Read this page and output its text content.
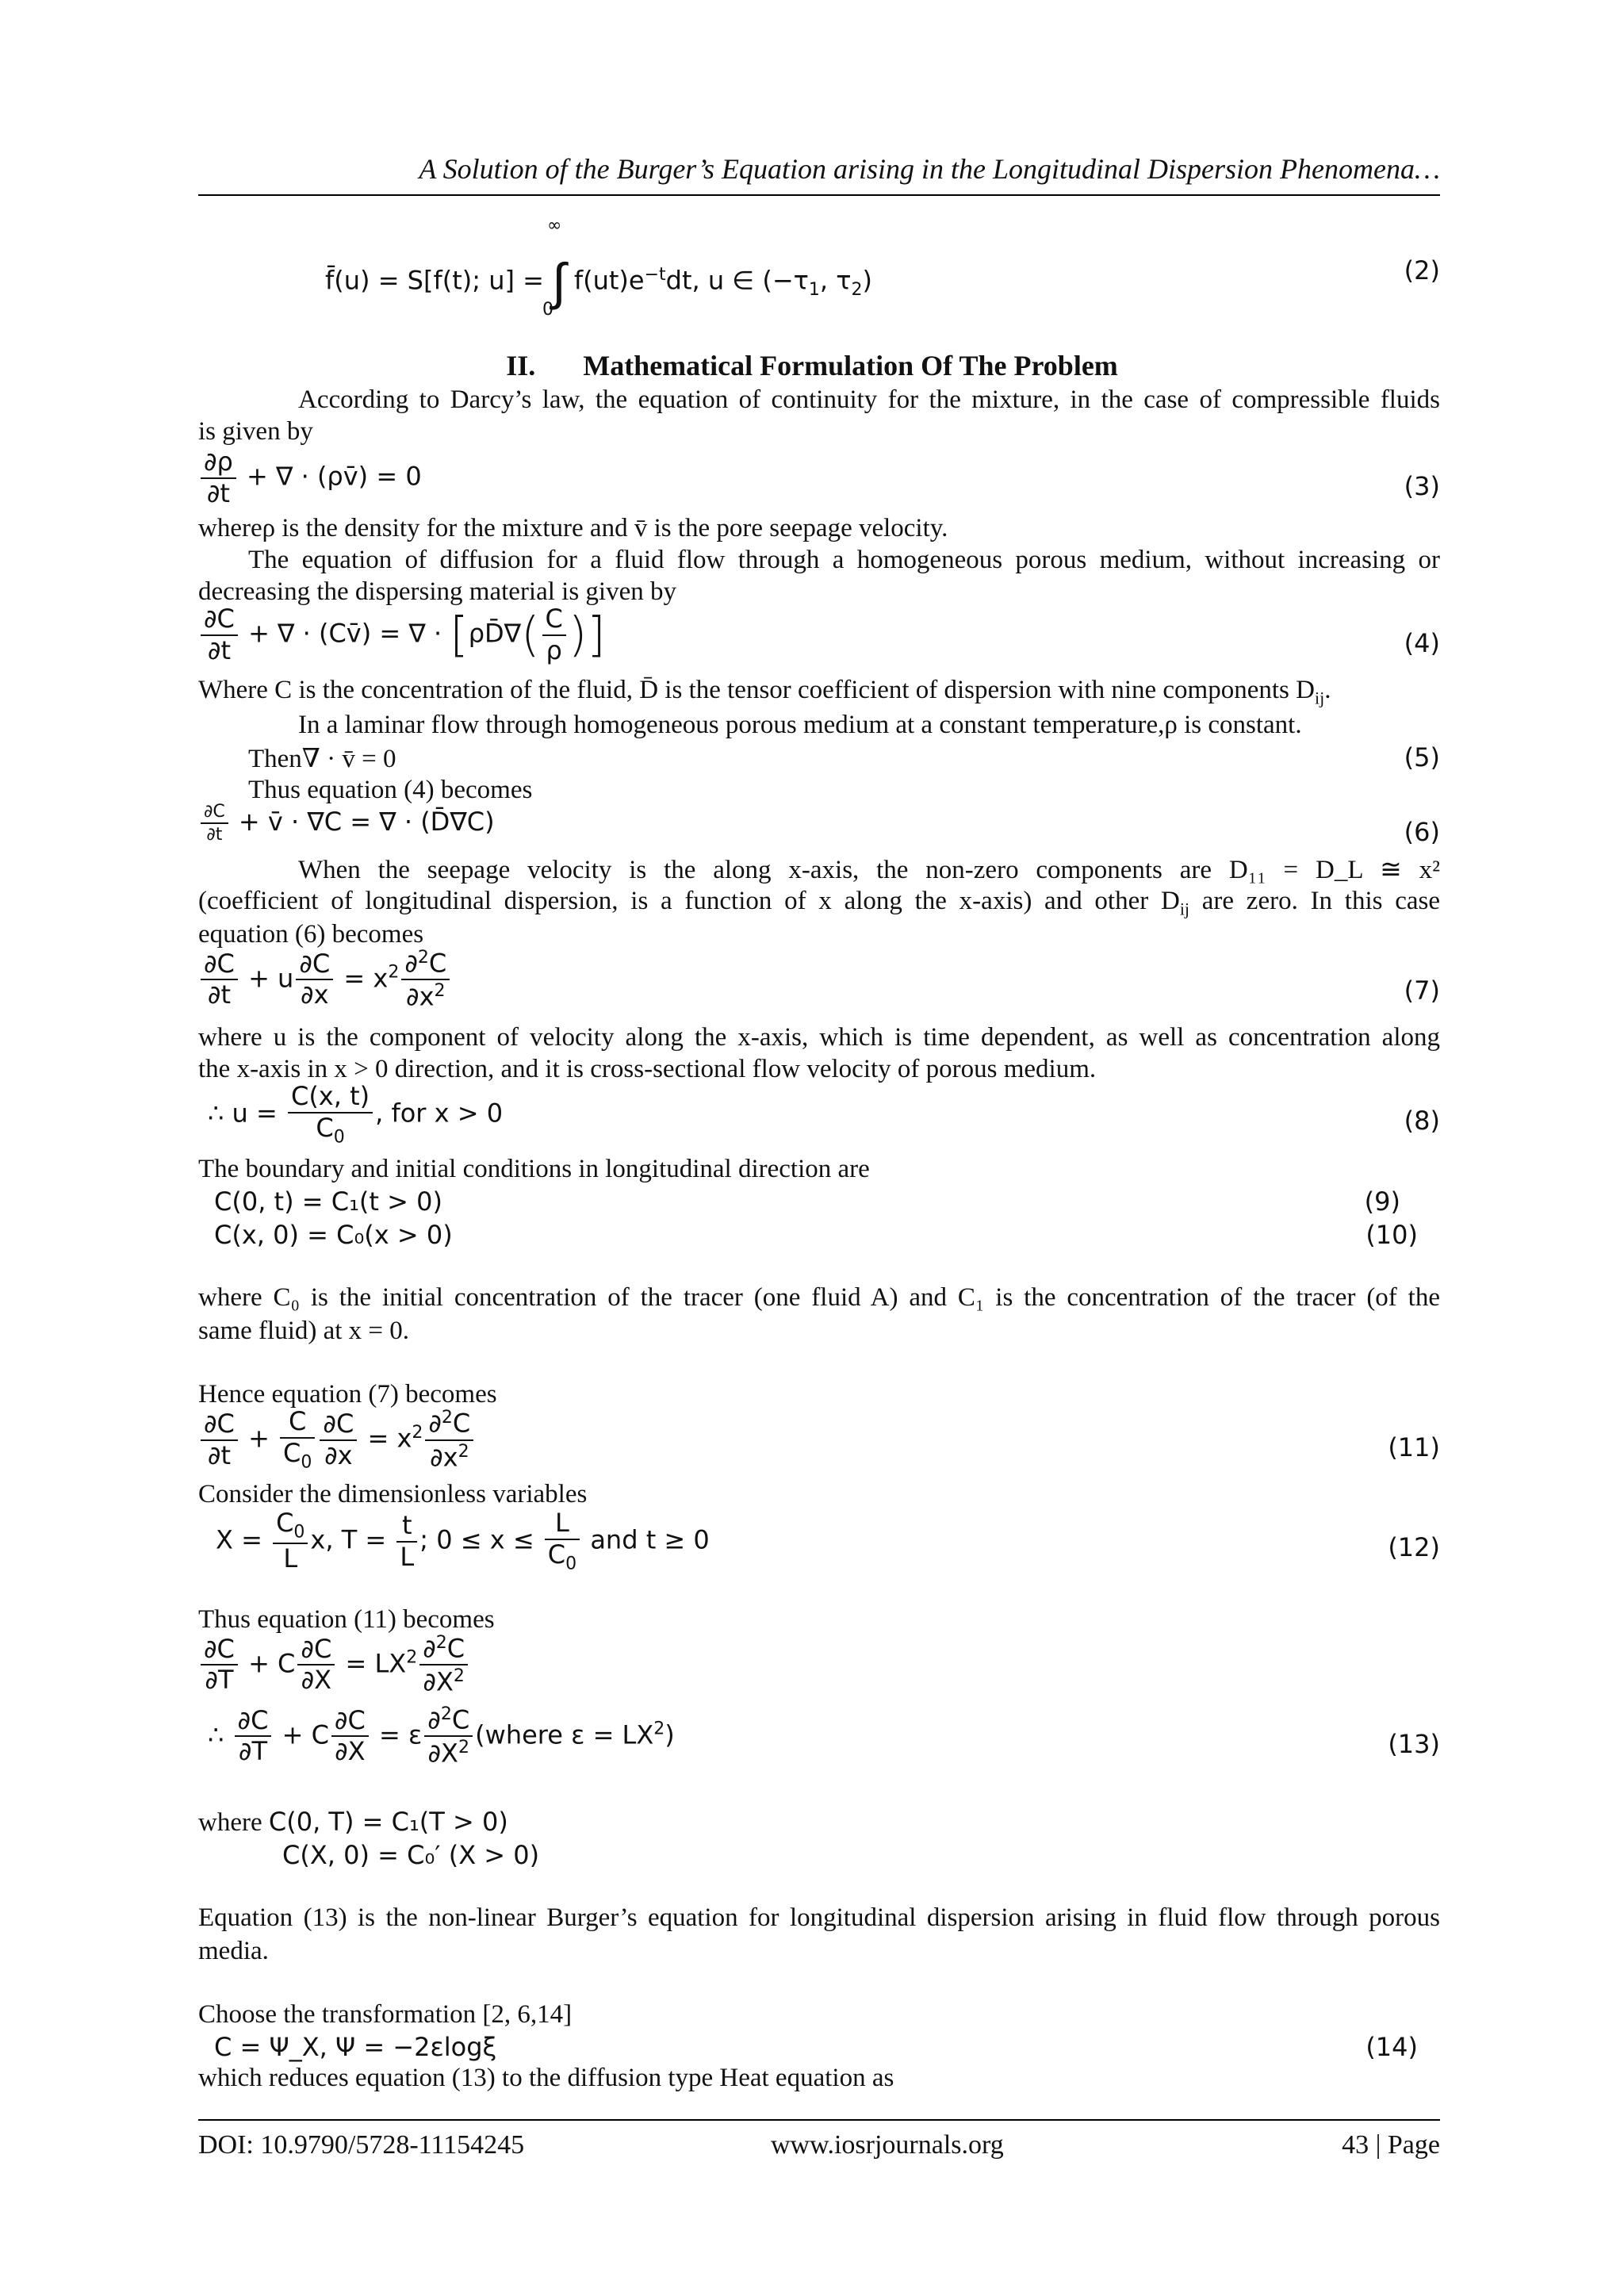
A Solution of the Burger’s Equation arising in the Longitudinal Dispersion Phenomena…
f̄(u) = S[f(t); u] = ∫ $f(ut)e^{-t}dt$, u ∈ ($-\tau_1$, $\tau_2$)
∞
0
(2)
II. Mathematical Formulation Of The Problem
According to Darcy’s law, the equation of continuity for the mixture, in the case of compressible fluids
is given by
$\frac{\partial\rho}{\partial t}$ + ∇ · (ρv̄) = 0	(3)
whereρ is the density for the mixture and v̄ is the pore seepage velocity.
The equation of diffusion for a fluid flow through a homogeneous porous medium, without increasing or
decreasing the dispersing material is given by
$\frac{\partial C}{\partial t}$ + ∇ · (Cv̄) = ∇ · [ρD̄∇( $\frac{C}{\rho}$ )]	(4)
Where C is the concentration of the fluid, D̄ is the tensor coefficient of dispersion with nine components $D_{ij}$.
In a laminar flow through homogeneous porous medium at a constant temperature,ρ is constant.
Then∇ · v̄ = 0	(5)
Thus equation (4) becomes
$\frac{\partial C}{\partial t}$ + v̄ · ∇C = ∇ · (D̄∇C)	(6)
When the seepage velocity is the along x-axis, the non-zero components are D₁₁ = D_L ≅ x²
(coefficient of longitudinal dispersion, is a function of x along the x-axis) and other $D_{ij}$ are zero. In this case
equation (6) becomes
$\frac{\partial C}{\partial t} + u \frac{\partial C}{\partial x} = x^2 \frac{\partial^2C}{\partial x^2}$	(7)
where u is the component of velocity along the x-axis, which is time dependent, as well as concentration along
the x-axis in x > 0 direction, and it is cross-sectional flow velocity of porous medium.
∴ $u = \frac{C(x, t)}{C_0}$ , for x > 0	(8)
The boundary and initial conditions in longitudinal direction are
C(0, t) = C₁(t > 0)	(9)
C(x, 0) = C₀(x > 0)	(10)
where C₀ is the initial concentration of the tracer (one fluid A) and C₁ is the concentration of the tracer (of the
same fluid) at x = 0.
Hence equation (7) becomes
$\frac{\partial C}{\partial t} + \frac{C}{C_0} \frac{\partial C}{\partial x} = x^2 \frac{\partial^2C}{\partial x^2}$	(11)
Consider the dimensionless variables
$X = \frac{C_0}{L} x$, $T = \frac{t}{L}$ ; $0 \le x \le \frac{L}{C_0}$ and t ≥ 0	(12)
Thus equation (11) becomes
$\frac{\partial C}{\partial T} + C \frac{\partial C}{\partial X} = LX^2 \frac{\partial^2C}{\partial X^2}$
∴ $\frac{\partial C}{\partial T} + C \frac{\partial C}{\partial X} = \varepsilon \frac{\partial^2C}{\partial X^2}$ (where $\varepsilon = LX^2$)	(13)
where C(0, T) = C₁(T > 0)
C(X, 0) = C₀′ (X > 0)
Equation (13) is the non-linear Burger’s equation for longitudinal dispersion arising in fluid flow through porous
media.
Choose the transformation [2, 6,14]
C = Ψ_X, Ψ = −2εlogξ	(14)
which reduces equation (13) to the diffusion type Heat equation as
DOI: 10.9790/5728-11154245	www.iosrjournals.org	43 | Page
